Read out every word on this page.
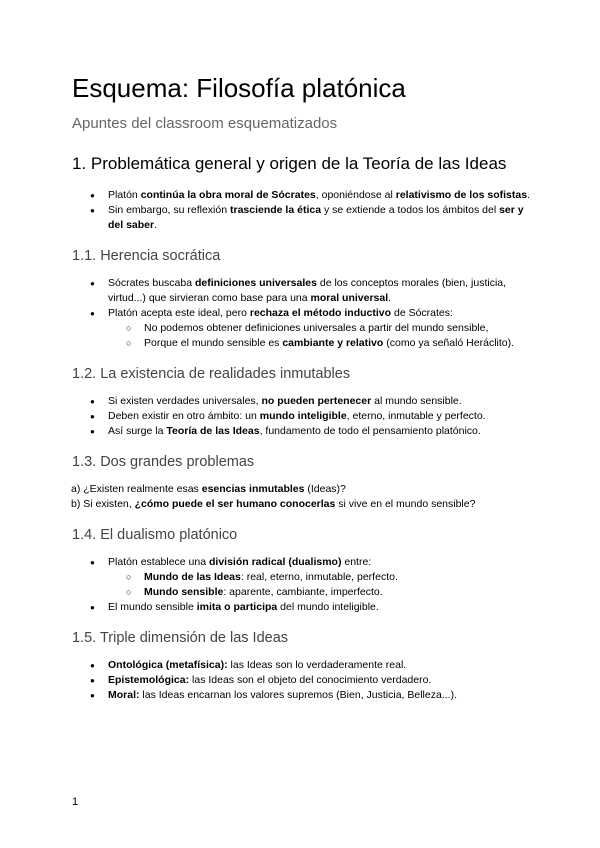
Esquema: Filosofía platónica
Apuntes del classroom esquematizados
1. Problemática general y origen de la Teoría de las Ideas
● Platón continúa la obra moral de Sócrates, oponiéndose al relativismo de los sofistas.
● Sin embargo, su reflexión trasciende la ética y se extiende a todos los ámbitos del ser y del saber.
1.1. Herencia socrática
● Sócrates buscaba definiciones universales de los conceptos morales (bien, justicia, virtud...) que sirvieran como base para una moral universal.
● Platón acepta este ideal, pero rechaza el método inductivo de Sócrates:
○ No podemos obtener definiciones universales a partir del mundo sensible,
○ Porque el mundo sensible es cambiante y relativo (como ya señaló Heráclito).
1.2. La existencia de realidades inmutables
● Si existen verdades universales, no pueden pertenecer al mundo sensible.
● Deben existir en otro ámbito: un mundo inteligible, eterno, inmutable y perfecto.
● Así surge la Teoría de las Ideas, fundamento de todo el pensamiento platónico.
1.3. Dos grandes problemas
a) ¿Existen realmente esas esencias inmutables (Ideas)?
b) Si existen, ¿cómo puede el ser humano conocerlas si vive en el mundo sensible?
1.4. El dualismo platónico
● Platón establece una división radical (dualismo) entre:
○ Mundo de las Ideas: real, eterno, inmutable, perfecto.
○ Mundo sensible: aparente, cambiante, imperfecto.
● El mundo sensible imita o participa del mundo inteligible.
1.5. Triple dimensión de las Ideas
● Ontológica (metafísica): las Ideas son lo verdaderamente real.
● Epistemológica: las Ideas son el objeto del conocimiento verdadero.
● Moral: las Ideas encarnan los valores supremos (Bien, Justicia, Belleza...).
1
